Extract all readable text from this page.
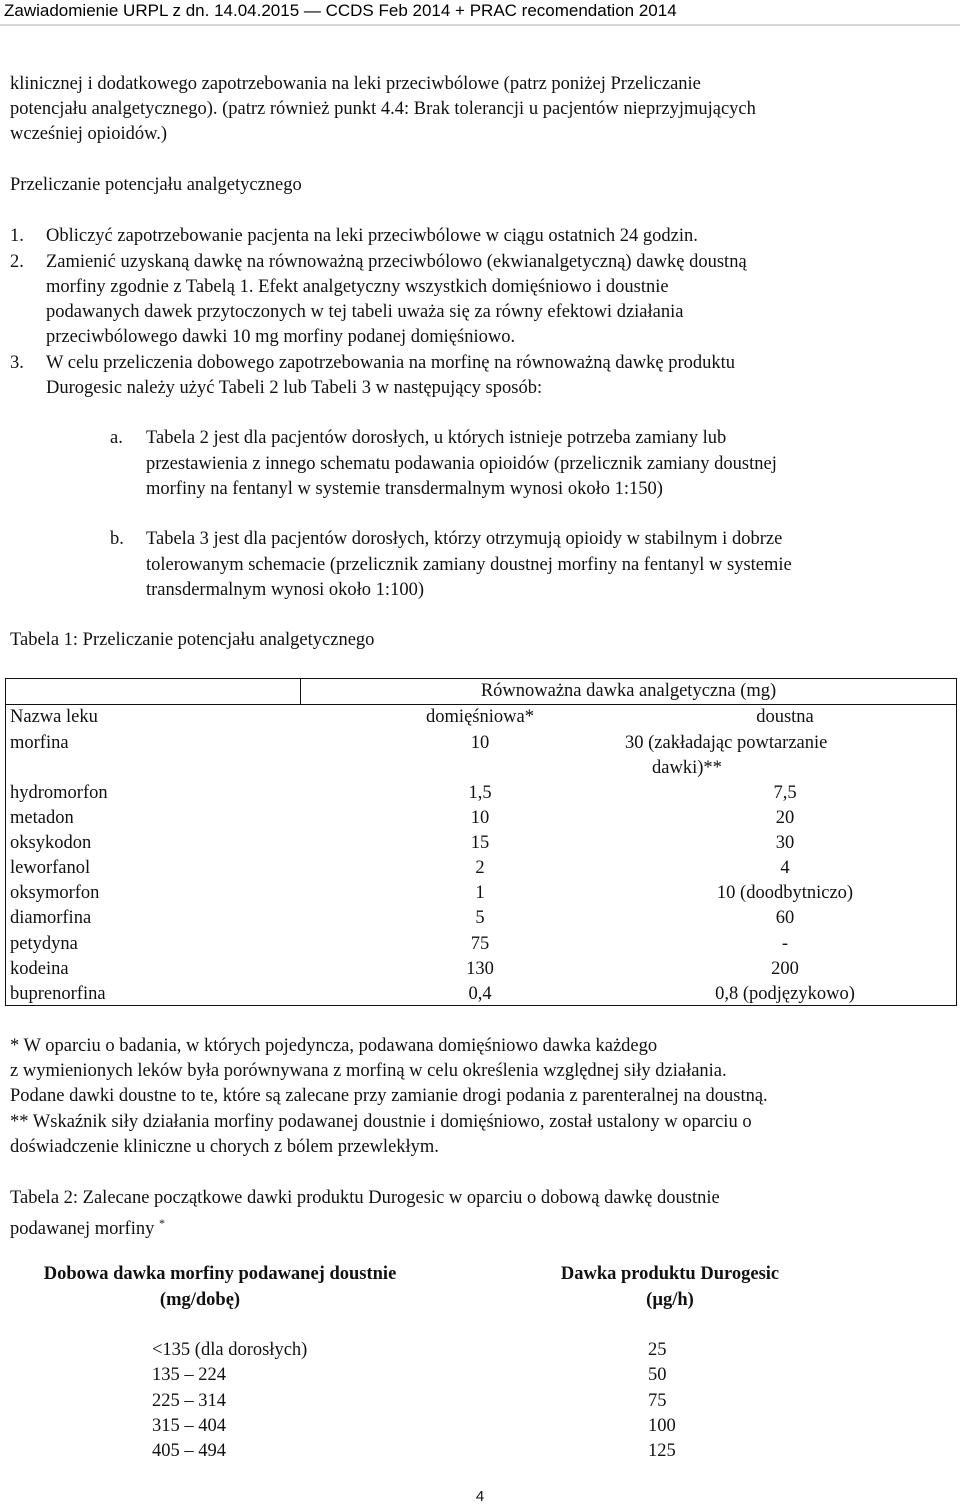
Zawiadomienie URPL z dn. 14.04.2015 — CCDS Feb 2014 + PRAC recomendation 2014
klinicznej i dodatkowego zapotrzebowania na leki przeciwbólowe (patrz poniżej Przeliczanie
potencjału analgetycznego). (patrz również punkt 4.4: Brak tolerancji u pacjentów nieprzyjmujących
wcześniej opioidów.)
Przeliczanie potencjału analgetycznego
1. Obliczyć zapotrzebowanie pacjenta na leki przeciwbólowe w ciągu ostatnich 24 godzin.
2. Zamienić uzyskaną dawkę na równoważną przeciwbólowo (ekwianalgetyczną) dawkę doustną
morfiny zgodnie z Tabelą 1. Efekt analgetyczny wszystkich domięśniowo i doustnie
podawanych dawek przytoczonych w tej tabeli uważa się za równy efektowi działania
przeciwbólowego dawki 10 mg morfiny podanej domięśniowo.
3. W celu przeliczenia dobowego zapotrzebowania na morfinę na równoważną dawkę produktu
Durogesic należy użyć Tabeli 2 lub Tabeli 3 w następujący sposób:
a. Tabela 2 jest dla pacjentów dorosłych, u których istnieje potrzeba zamiany lub
przestawienia z innego schematu podawania opioidów (przelicznik zamiany doustnej
morfiny na fentanyl w systemie transdermalnym wynosi około 1:150)
b. Tabela 3 jest dla pacjentów dorosłych, którzy otrzymują opioidy w stabilnym i dobrze
tolerowanym schemacie (przelicznik zamiany doustnej morfiny na fentanyl w systemie
transdermalnym wynosi około 1:100)
Tabela 1: Przeliczanie potencjału analgetycznego
Równoważna dawka analgetyczna (mg)
Nazwa leku	domięśniowa*	doustna
morfina	10	30 (zakładając powtarzanie
dawki)**
hydromorfon	1,5	7,5
metadon	10	20
oksykodon	15	30
leworfanol	2	4
oksymorfon	1	10 (doodbytniczo)
diamorfina	5	60
petydyna	75	-
kodeina	130	200
buprenorfina	0,4	0,8 (podjęzykowo)
* W oparciu o badania, w których pojedyncza, podawana domięśniowo dawka każdego
z wymienionych leków była porównywana z morfiną w celu określenia względnej siły działania.
Podane dawki doustne to te, które są zalecane przy zamianie drogi podania z parenteralnej na doustną.
** Wskaźnik siły działania morfiny podawanej doustnie i domięśniowo, został ustalony w oparciu o
doświadczenie kliniczne u chorych z bólem przewlekłym.
Tabela 2: Zalecane początkowe dawki produktu Durogesic w oparciu o dobową dawkę doustnie
podawanej morfiny *
Dobowa dawka morfiny podawanej doustnie
(mg/dobę)
Dawka produktu Durogesic
(µg/h)
<135 (dla dorosłych)	25
135 – 224	50
225 – 314	75
315 – 404	100
405 – 494	125
4
